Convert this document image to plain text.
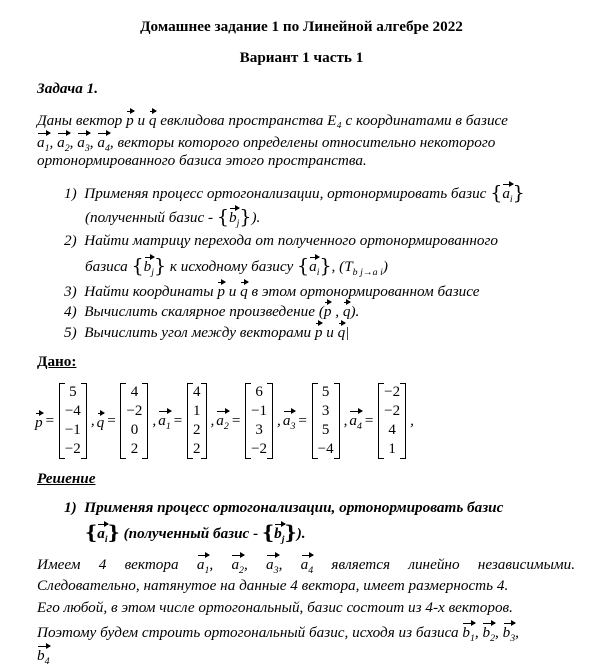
Домашнее задание 1 по Линейной алгебре 2022
Вариант 1 часть 1
Задача 1.
Даны вектор p и q евклидова пространства E₄ с координатами в базисе
$a_1$, $a_2$, $a_3$, $a_4$, векторы которого определены относительно некоторого
ортонормированного базиса этого пространства.
1) Применяя процесс ортогонализации, ортонормировать базис $\{a_i\}$
(полученный базис - $\{b_j\}$).
2) Найти матрицу перехода от полученного ортонормированного
базиса $\{b_j\}$ к исходному базису $\{a_i\}$, $(T_{b j\to a i})$
3) Найти координаты p и q в этом ортонормированном базисе
4) Вычислить скалярное произведение (p , q).
5) Вычислить угол между векторами p и q|
Дано:
p =
5
−4
−1
−2
, q =
4
−2
0
2
, $a_1$ =
4
1
2
2
, $a_2$ =
6
−1
3
−2
, $a_3$ =
5
3
5
−4
, $a_4$ =
−2
−2
4
1
,
Решение
1) Применяя процесс ортогонализации, ортонормировать базис
$\{a_i\}$ (полученный базис - $\{b_j\}$).
Имеем 4 вектора $a_1$, $a_2$, $a_3$, $a_4$ является линейно независимыми.
Следовательно, натянутое на данные 4 вектора, имеет размерность 4.
Его любой, в этом числе ортогональный, базис состоит из 4-х векторов.
Поэтому будем строить ортогональный базис, исходя из базиса $b_1$, $b_2$, $b_3$,
$b_4$
